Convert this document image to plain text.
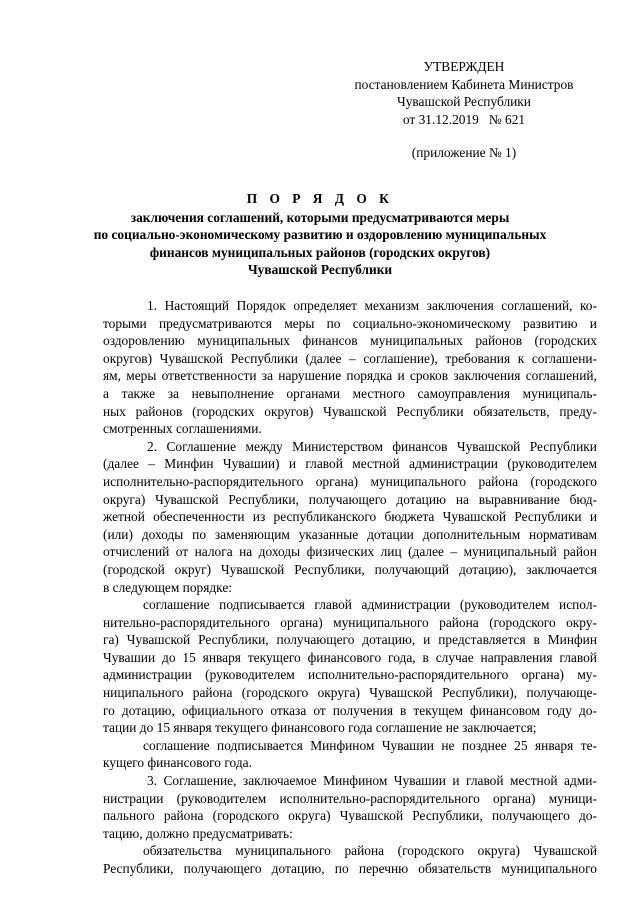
УТВЕРЖДЕН
постановлением Кабинета Министров
Чувашской Республики
от 31.12.2019   № 621
(приложение № 1)
П О Р Я Д О К
заключения соглашений, которыми предусматриваются меры
по социально-экономическому развитию и оздоровлению муниципальных
финансов муниципальных районов (городских округов)
Чувашской Республики
1. Настоящий Порядок определяет механизм заключения соглашений, ко-
торыми предусматриваются меры по социально-экономическому развитию и
оздоровлению муниципальных финансов муниципальных районов (городских
округов) Чувашской Республики (далее – соглашение), требования к соглашени-
ям, меры ответственности за нарушение порядка и сроков заключения соглашений,
а также за невыполнение органами местного самоуправления муниципаль-
ных районов (городских округов) Чувашской Республики обязательств, преду-
смотренных соглашениями.
2. Соглашение между Министерством финансов Чувашской Республики
(далее – Минфин Чувашии) и главой местной администрации (руководителем
исполнительно-распорядительного органа) муниципального района (городского
округа) Чувашской Республики, получающего дотацию на выравнивание бюд-
жетной обеспеченности из республиканского бюджета Чувашской Республики и
(или) доходы по заменяющим указанные дотации дополнительным нормативам
отчислений от налога на доходы физических лиц (далее – муниципальный район
(городской округ) Чувашской Республики, получающий дотацию), заключается
в следующем порядке:
соглашение подписывается главой администрации (руководителем испол-
нительно-распорядительного органа) муниципального района (городского окру-
га) Чувашской Республики, получающего дотацию, и представляется в Минфин
Чувашии до 15 января текущего финансового года, в случае направления главой
администрации (руководителем исполнительно-распорядительного органа) му-
ниципального района (городского округа) Чувашской Республики), получающе-
го дотацию, официального отказа от получения в текущем финансовом году до-
тации до 15 января текущего финансового года соглашение не заключается;
соглашение подписывается Минфином Чувашии не позднее 25 января те-
кущего финансового года.
3. Соглашение, заключаемое Минфином Чувашии и главой местной адми-
нистрации (руководителем исполнительно-распорядительного органа) муници-
пального района (городского округа) Чувашской Республики, получающего до-
тацию, должно предусматривать:
обязательства муниципального района (городского округа) Чувашской
Республики, получающего дотацию, по перечню обязательств муниципального
